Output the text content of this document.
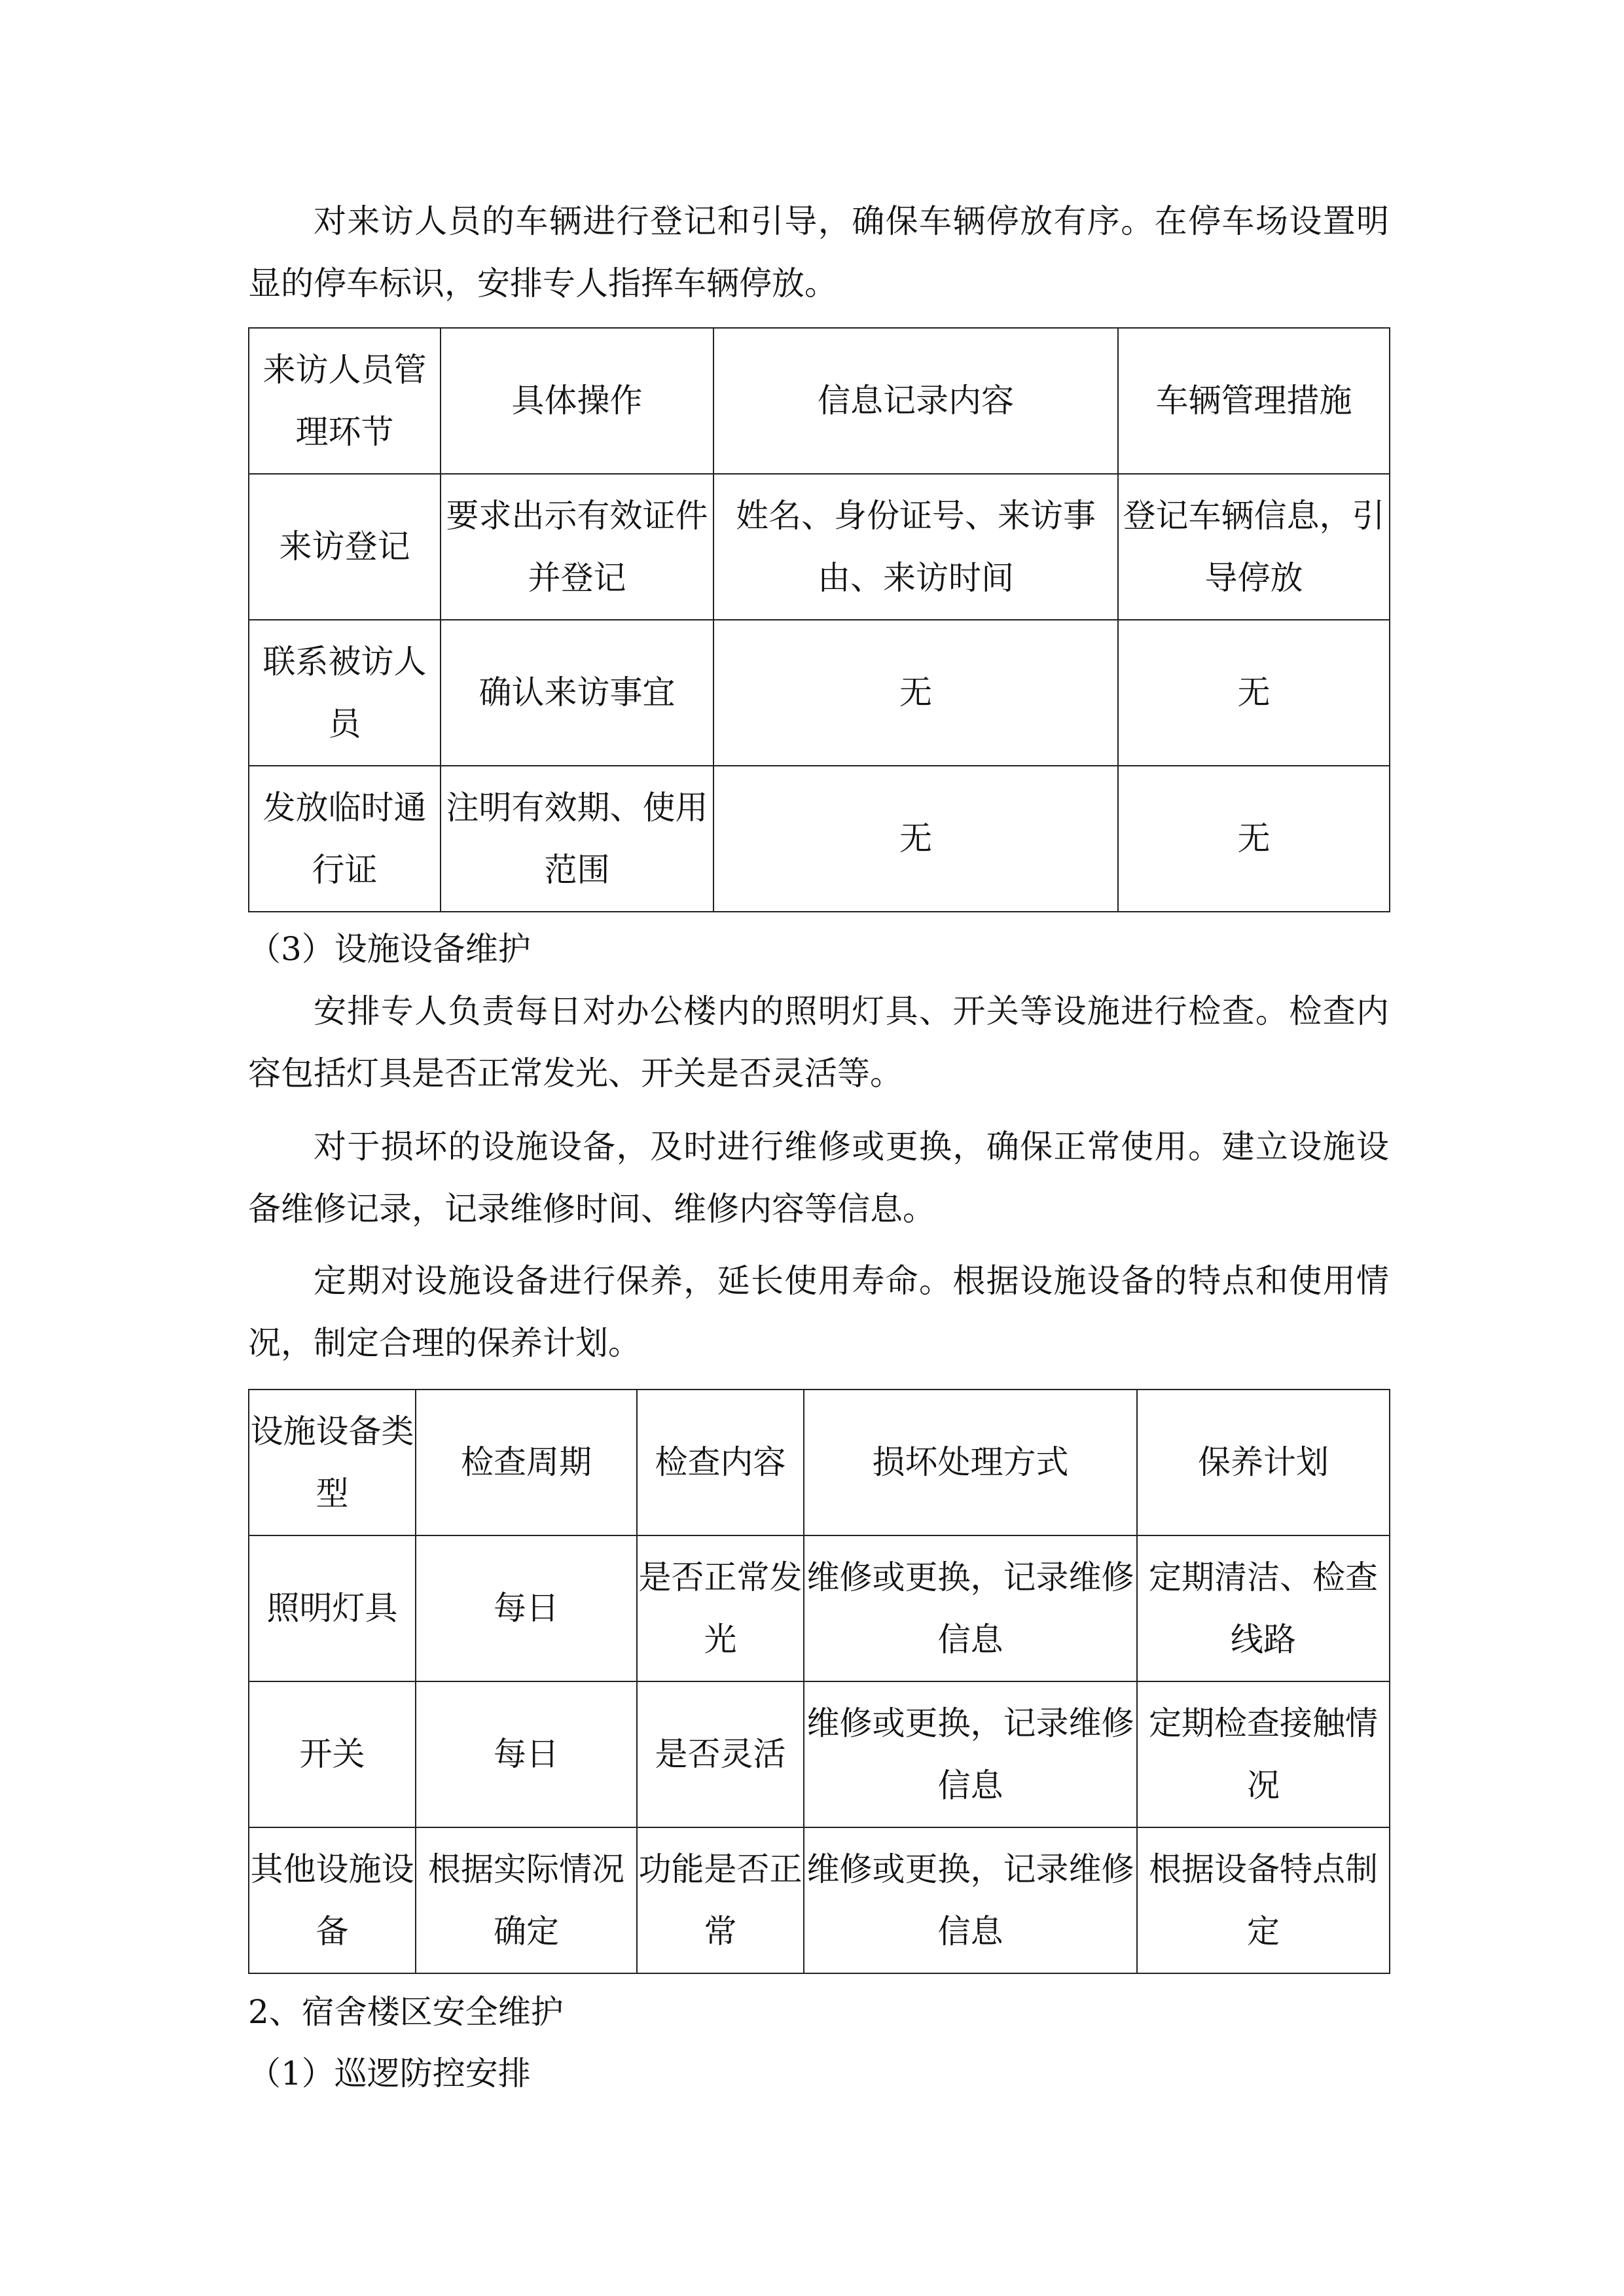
对来访人员的车辆进行登记和引导，确保车辆停放有序。在停车场设置明显的停车标识，安排专人指挥车辆停放。
来访人员管理环节	具体操作	信息记录内容	车辆管理措施
来访登记	要求出示有效证件并登记	姓名、身份证号、来访事由、来访时间	登记车辆信息，引导停放
联系被访人员	确认来访事宜	无	无
发放临时通行证	注明有效期、使用范围	无	无
（3）设施设备维护
安排专人负责每日对办公楼内的照明灯具、开关等设施进行检查。检查内容包括灯具是否正常发光、开关是否灵活等。
对于损坏的设施设备，及时进行维修或更换，确保正常使用。建立设施设备维修记录，记录维修时间、维修内容等信息。
定期对设施设备进行保养，延长使用寿命。根据设施设备的特点和使用情况，制定合理的保养计划。
设施设备类型	检查周期	检查内容	损坏处理方式	保养计划
照明灯具	每日	是否正常发光	维修或更换，记录维修信息	定期清洁、检查线路
开关	每日	是否灵活	维修或更换，记录维修信息	定期检查接触情况
其他设施设备	根据实际情况确定	功能是否正常	维修或更换，记录维修信息	根据设备特点制定
2、宿舍楼区安全维护
（1）巡逻防控安排
